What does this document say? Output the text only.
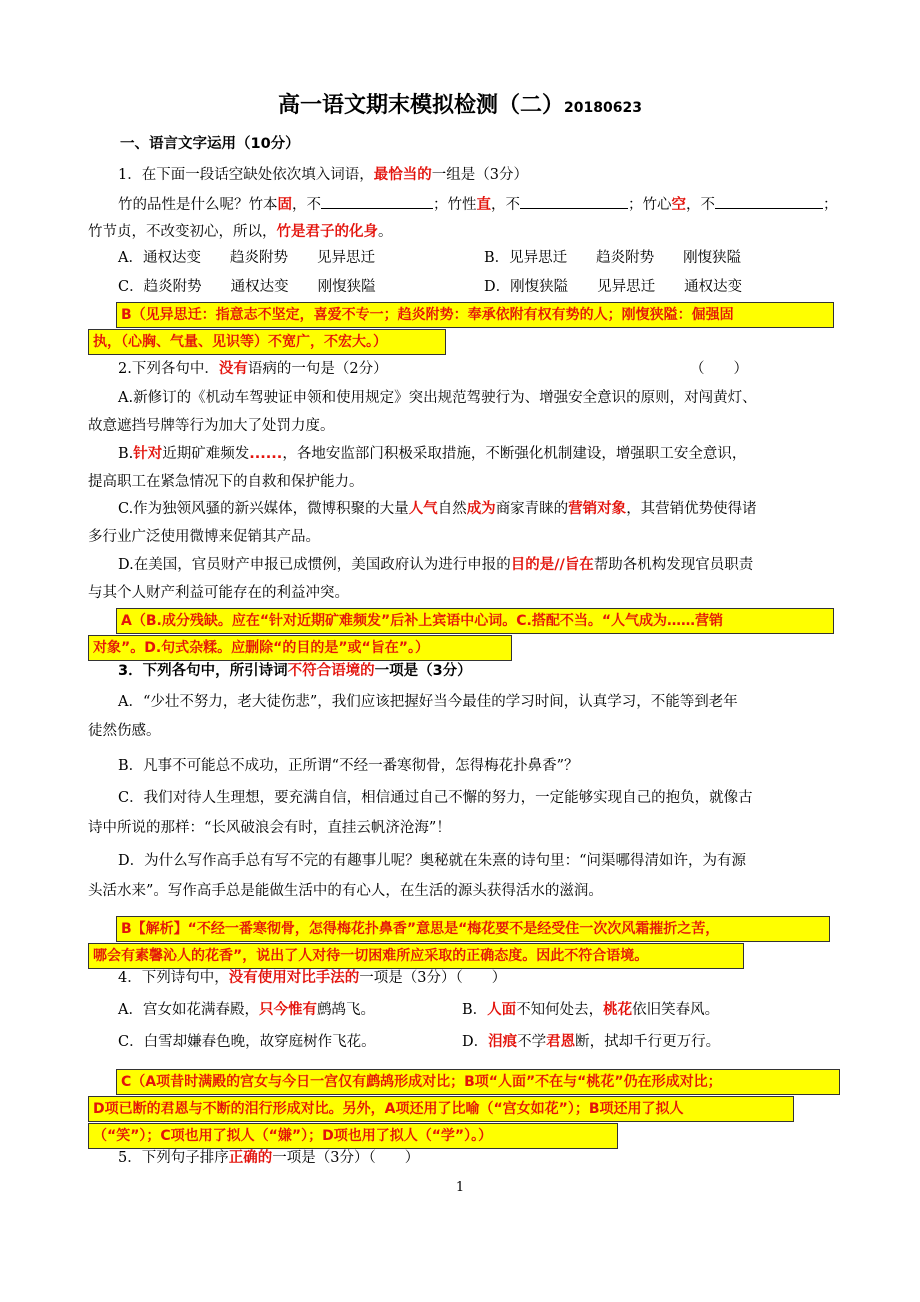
高一语文期末模拟检测（二）20180623
一、语言文字运用（10分）
1．在下面一段话空缺处依次填入词语，最恰当的一组是（3分）
竹的品性是什么呢？竹本固，不	；竹性直，不	；竹心空，不	；
竹节贞，不改变初心，所以，竹是君子的化身。
A．通权达变　　趋炎附势　　见异思迁	B．见异思迁　　趋炎附势　　刚愎狭隘
C．趋炎附势　　通权达变　　刚愎狭隘	D．刚愎狭隘　　见异思迁　　通权达变
B（见异思迁：指意志不坚定，喜爱不专一；趋炎附势：奉承依附有权有势的人；刚愎狭隘：倔强固
执，（心胸、气量、见识等）不宽广，不宏大。）
2.下列各句中．没有语病的一句是（2分）	（　　）
A.新修订的《机动车驾驶证申领和使用规定》突出规范驾驶行为、增强安全意识的原则，对闯黄灯、
故意遮挡号牌等行为加大了处罚力度。
B.针对近期矿难频发......，各地安监部门积极采取措施，不断强化机制建设，增强职工安全意识，
提高职工在紧急情况下的自救和保护能力。
C.作为独领风骚的新兴媒体，微博积聚的大量人气自然成为商家青睐的营销对象，其营销优势使得诸
多行业广泛使用微博来促销其产品。
D.在美国，官员财产申报已成惯例，美国政府认为进行申报的目的是//旨在帮助各机构发现官员职责
与其个人财产利益可能存在的利益冲突。
A（B.成分残缺。应在“针对近期矿难频发”后补上宾语中心词。C.搭配不当。“人气成为……营销
对象”。D.句式杂糅。应删除“的目的是”或“旨在”。）
3．下列各句中，所引诗词不符合语境的一项是（3分）
A．“少壮不努力，老大徒伤悲”，我们应该把握好当今最佳的学习时间，认真学习，不能等到老年
徒然伤感。
B．凡事不可能总不成功，正所谓“不经一番寒彻骨，怎得梅花扑鼻香”？
C．我们对待人生理想，要充满自信，相信通过自己不懈的努力，一定能够实现自己的抱负，就像古
诗中所说的那样：“长风破浪会有时，直挂云帆济沧海”！
D．为什么写作高手总有写不完的有趣事儿呢？奥秘就在朱熹的诗句里：“问渠哪得清如许，为有源
头活水来”。写作高手总是能做生活中的有心人，在生活的源头获得活水的滋润。
B【解析】“不经一番寒彻骨，怎得梅花扑鼻香”意思是“梅花要不是经受住一次次风霜摧折之苦，
哪会有素馨沁人的花香”，说出了人对待一切困难所应采取的正确态度。因此不符合语境。
4．下列诗句中，没有使用对比手法的一项是（3分）（　　）
A．宫女如花满春殿，只今惟有鹧鸪飞。	B．人面不知何处去，桃花依旧笑春风。
C．白雪却嫌春色晚，故穿庭树作飞花。	D．泪痕不学君恩断，拭却千行更万行。
C（A项昔时满殿的宫女与今日一宫仅有鹧鸪形成对比；B项“人面”不在与“桃花”仍在形成对比；
D项已断的君恩与不断的泪行形成对比。另外，A项还用了比喻（“宫女如花”）；B项还用了拟人
（“笑”）；C项也用了拟人（“嫌”）；D项也用了拟人（“学”）。）
5．下列句子排序正确的一项是（3分）（　　）
1
